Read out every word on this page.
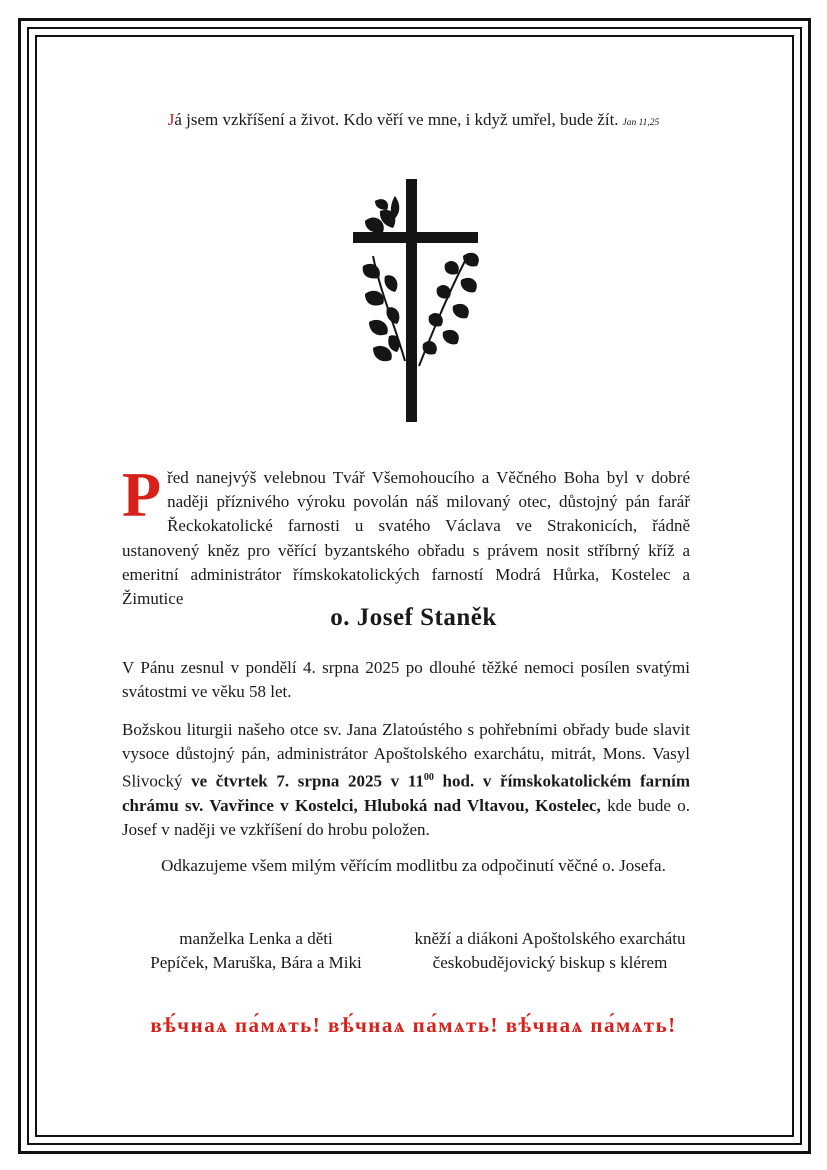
Já jsem vzkříšení a život. Kdo věří ve mne, i když umřel, bude žít. Jan 11,25
Před nanejvýš velebnou Tvář Všemohoucího a Věčného Boha byl v dobré naději příznivého výroku povolán náš milovaný otec, důstojný pán farář Řeckokatolické farnosti u svatého Václava ve Strakonicích, řádně ustanovený kněz pro věřící byzantského obřadu s právem nosit stříbrný kříž a emeritní administrátor římskokatolických farností Modrá Hůrka, Kostelec a Žimutice
o. Josef Staněk
V Pánu zesnul v pondělí 4. srpna 2025 po dlouhé těžké nemoci posílen svatými svátostmi ve věku 58 let.
Božskou liturgii našeho otce sv. Jana Zlatoústého s pohřebními obřady bude slavit vysoce důstojný pán, administrátor Apoštolského exarchátu, mitrát, Mons. Vasyl Slivocký ve čtvrtek 7. srpna 2025 v $11^{00}$ hod. v římskokatolickém farním chrámu sv. Vavřince v Kostelci, Hluboká nad Vltavou, Kostelec, kde bude o. Josef v naději ve vzkříšení do hrobu položen.
Odkazujeme všem milým věřícím modlitbu za odpočinutí věčné o. Josefa.
manželka Lenka a děti
Pepíček, Maruška, Bára a Miki
kněží a diákoni Apoštolského exarchátu
českobudějovický biskup s klérem
вѣ́чнаѧ па́мѧть! вѣ́чнаѧ па́мѧть! вѣ́чнаѧ па́мѧть!
